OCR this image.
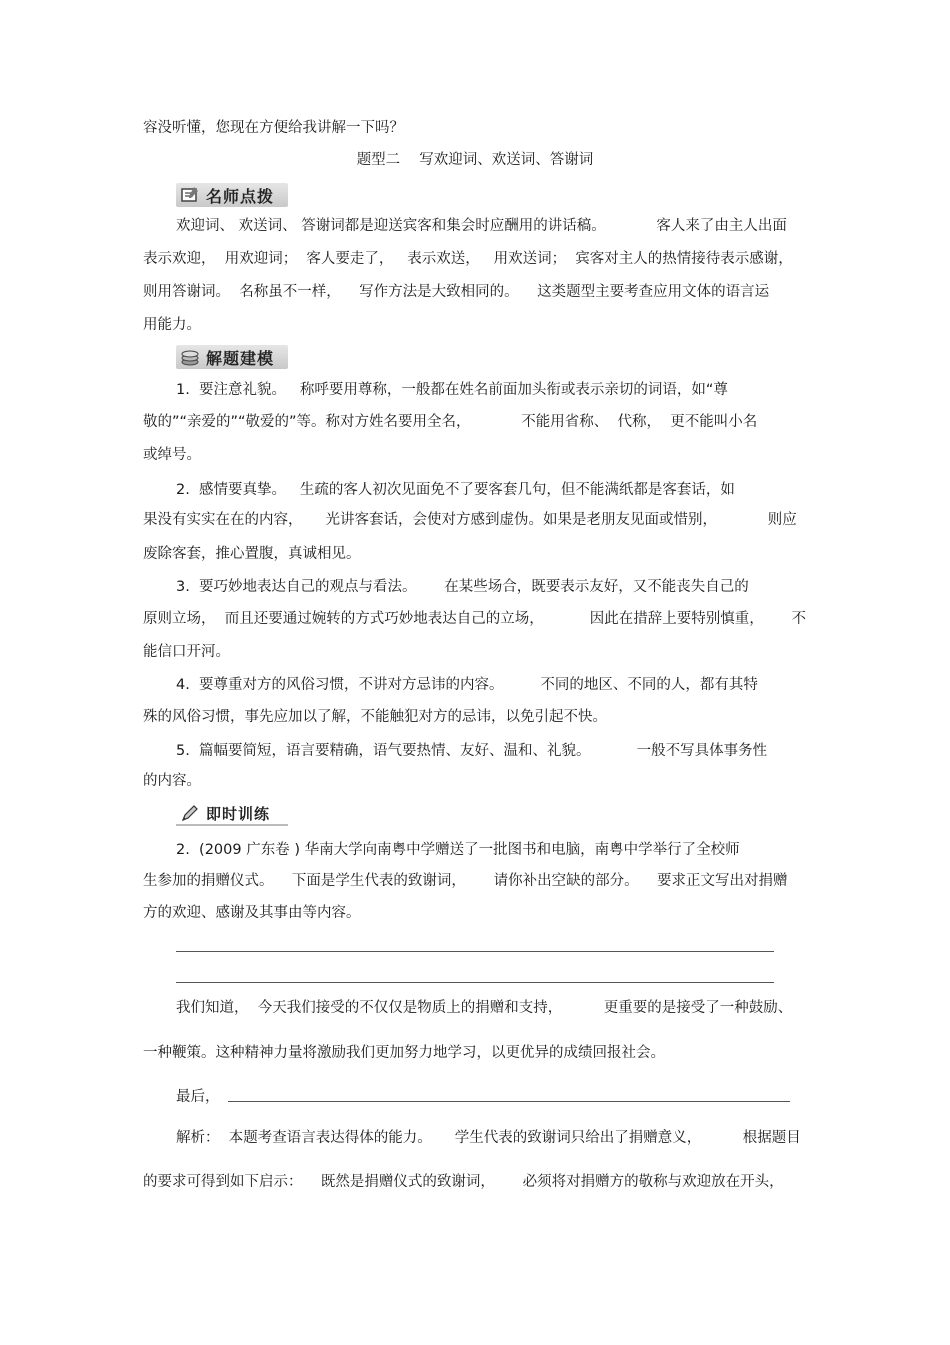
容没听懂，您现在方便给我讲解一下吗？
题型二　 写欢迎词、欢送词、答谢词
名师点拨
欢迎词、 欢送词、 答谢词都是迎送宾客和集会时应酬用的讲话稿。           客人来了由主人出面
表示欢迎，  用欢迎词；  客人要走了，   表示欢送，   用欢送词；  宾客对主人的热情接待表示感谢，
则用答谢词。  名称虽不一样，    写作方法是大致相同的。    这类题型主要考查应用文体的语言运
用能力。
解题建模
1.  要注意礼貌。   称呼要用尊称，一般都在姓名前面加头衔或表示亲切的词语，如“尊
敬的”“亲爱的”“敬爱的”等。称对方姓名要用全名，           不能用省称、  代称，  更不能叫小名
或绰号。
2.  感情要真挚。   生疏的客人初次见面免不了要客套几句，但不能满纸都是客套话，如
果没有实实在在的内容，     光讲客套话，会使对方感到虚伪。如果是老朋友见面或惜别，           则应
废除客套，推心置腹，真诚相见。
3.  要巧妙地表达自己的观点与看法。      在某些场合，既要表示友好，又不能丧失自己的
原则立场，  而且还要通过婉转的方式巧妙地表达自己的立场，          因此在措辞上要特别慎重，      不
能信口开河。
4.  要尊重对方的风俗习惯，不讲对方忌讳的内容。        不同的地区、不同的人，都有其特
殊的风俗习惯，事先应加以了解，不能触犯对方的忌讳，以免引起不快。
5.  篇幅要简短，语言要精确，语气要热情、友好、温和、礼貌。          一般不写具体事务性
的内容。
即时训练
2.  (2009 广东卷 ) 华南大学向南粤中学赠送了一批图书和电脑，南粤中学举行了全校师
生参加的捐赠仪式。    下面是学生代表的致谢词，      请你补出空缺的部分。    要求正文写出对捐赠
方的欢迎、感谢及其事由等内容。
我们知道，  今天我们接受的不仅仅是物质上的捐赠和支持，         更重要的是接受了一种鼓励、
一种鞭策。这种精神力量将激励我们更加努力地学习，以更优异的成绩回报社会。
最后，
解析：  本题考查语言表达得体的能力。     学生代表的致谢词只给出了捐赠意义，         根据题目
的要求可得到如下启示：    既然是捐赠仪式的致谢词，      必须将对捐赠方的敬称与欢迎放在开头，
